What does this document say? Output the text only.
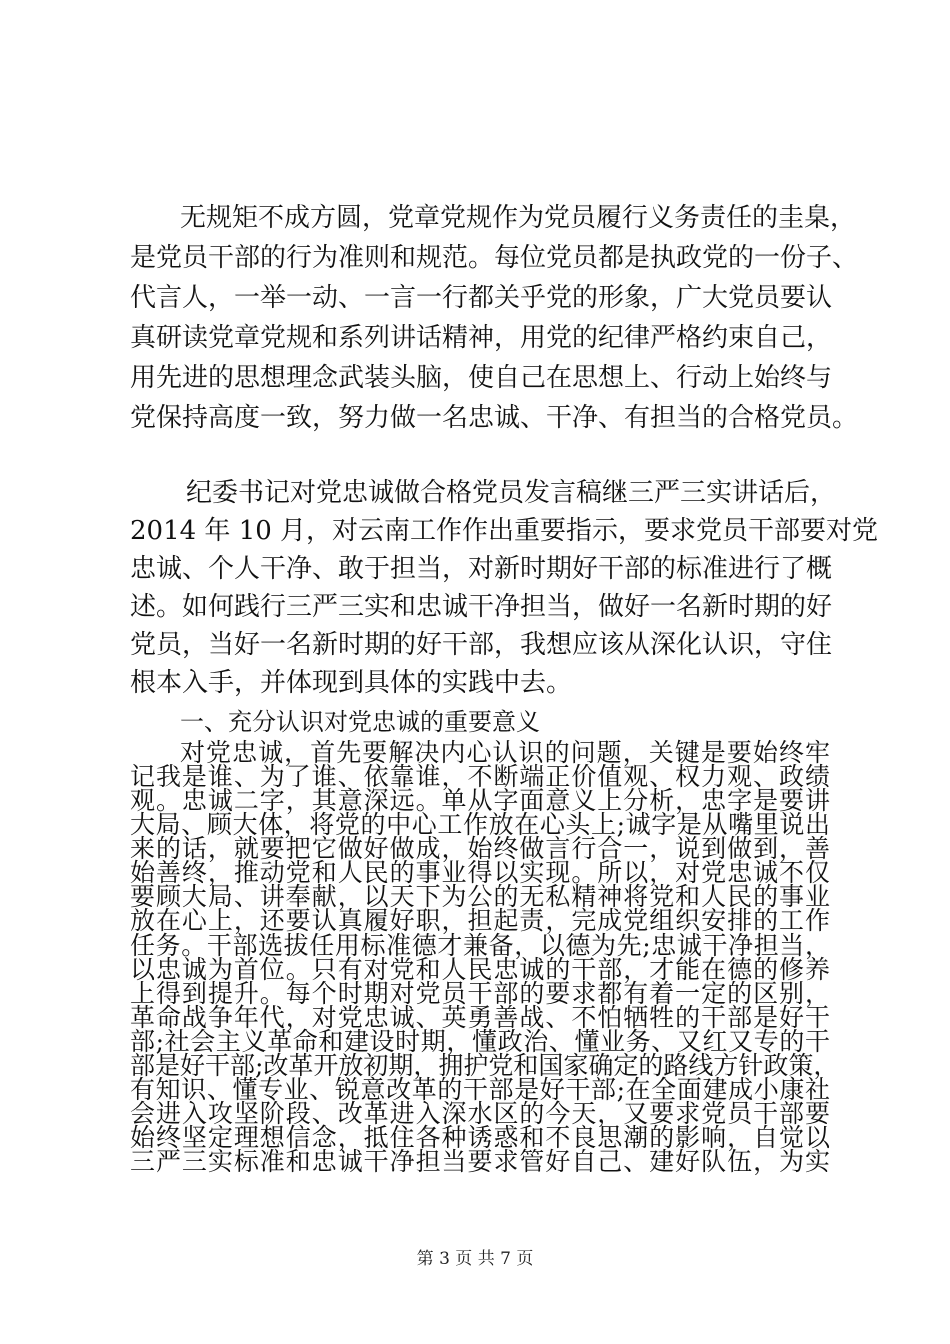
无规矩不成方圆，党章党规作为党员履行义务责任的圭臬，
是党员干部的行为准则和规范。每位党员都是执政党的一份子、
代言人，一举一动、一言一行都关乎党的形象，广大党员要认
真研读党章党规和系列讲话精神，用党的纪律严格约束自己，
用先进的思想理念武装头脑，使自己在思想上、行动上始终与
党保持高度一致，努力做一名忠诚、干净、有担当的合格党员。
纪委书记对党忠诚做合格党员发言稿继三严三实讲话后，
2014 年 10 月，对云南工作作出重要指示，要求党员干部要对党
忠诚、个人干净、敢于担当，对新时期好干部的标准进行了概
述。如何践行三严三实和忠诚干净担当，做好一名新时期的好
党员，当好一名新时期的好干部，我想应该从深化认识，守住
根本入手，并体现到具体的实践中去。
一、充分认识对党忠诚的重要意义
对党忠诚，首先要解决内心认识的问题，关键是要始终牢
记我是谁、为了谁、依靠谁，不断端正价值观、权力观、政绩
观。忠诚二字，其意深远。单从字面意义上分析，忠字是要讲
大局、顾大体，将党的中心工作放在心头上;诚字是从嘴里说出
来的话，就要把它做好做成，始终做言行合一，说到做到，善
始善终，推动党和人民的事业得以实现。所以，对党忠诚不仅
要顾大局、讲奉献，以天下为公的无私精神将党和人民的事业
放在心上，还要认真履好职，担起责，完成党组织安排的工作
任务。干部选拔任用标准德才兼备，以德为先;忠诚干净担当，
以忠诚为首位。只有对党和人民忠诚的干部，才能在德的修养
上得到提升。每个时期对党员干部的要求都有着一定的区别，
革命战争年代，对党忠诚、英勇善战、不怕牺牲的干部是好干
部;社会主义革命和建设时期，懂政治、懂业务、又红又专的干
第 3 页 共 7 页
部是好干部;改革开放初期，拥护党和国家确定的路线方针政策，
有知识、懂专业、锐意改革的干部是好干部;在全面建成小康社
会进入攻坚阶段、改革进入深水区的今天，又要求党员干部要
始终坚定理想信念，抵住各种诱惑和不良思潮的影响，自觉以
三严三实标准和忠诚干净担当要求管好自己、建好队伍，为实
